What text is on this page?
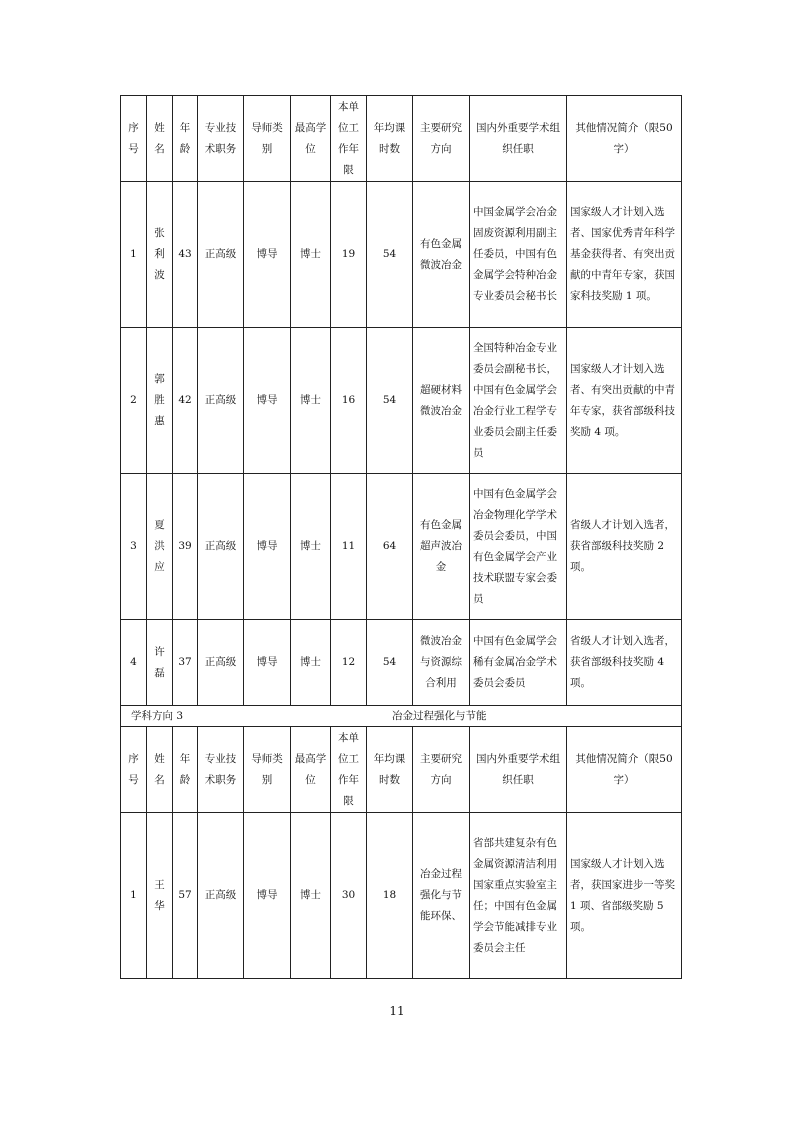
序号	姓名	年龄	专业技术职务	导师类别	最高学位	本单位工作年限	年均课时数	主要研究方向	国内外重要学术组织任职	其他情况简介（限50字）
1	张利波	43	正高级	博导	博士	19	54	有色金属微波冶金	中国金属学会冶金固废资源利用副主任委员，中国有色金属学会特种冶金专业委员会秘书长	国家级人才计划入选者、国家优秀青年科学基金获得者、有突出贡献的中青年专家，获国家科技奖励 1 项。
2	郭胜惠	42	正高级	博导	博士	16	54	超硬材料微波冶金	全国特种冶金专业委员会副秘书长，中国有色金属学会冶金行业工程学专业委员会副主任委员	国家级人才计划入选者、有突出贡献的中青年专家，获省部级科技奖励 4 项。
3	夏洪应	39	正高级	博导	博士	11	64	有色金属超声波冶金	中国有色金属学会冶金物理化学学术委员会委员，中国有色金属学会产业技术联盟专家会委员	省级人才计划入选者，获省部级科技奖励 2 项。
4	许磊	37	正高级	博导	博士	12	54	微波冶金与资源综合利用	中国有色金属学会稀有金属冶金学术委员会委员	省级人才计划入选者，获省部级科技奖励 4 项。
学科方向 3			冶金过程强化与节能							
序号	姓名	年龄	专业技术职务	导师类别	最高学位	本单位工作年限	年均课时数	主要研究方向	国内外重要学术组织任职	其他情况简介（限50字）
1	王华	57	正高级	博导	博士	30	18	冶金过程强化与节能环保、	省部共建复杂有色金属资源清洁利用国家重点实验室主任；中国有色金属学会节能减排专业委员会主任	国家级人才计划入选者，获国家进步一等奖 1 项、省部级奖励 5 项。
11
